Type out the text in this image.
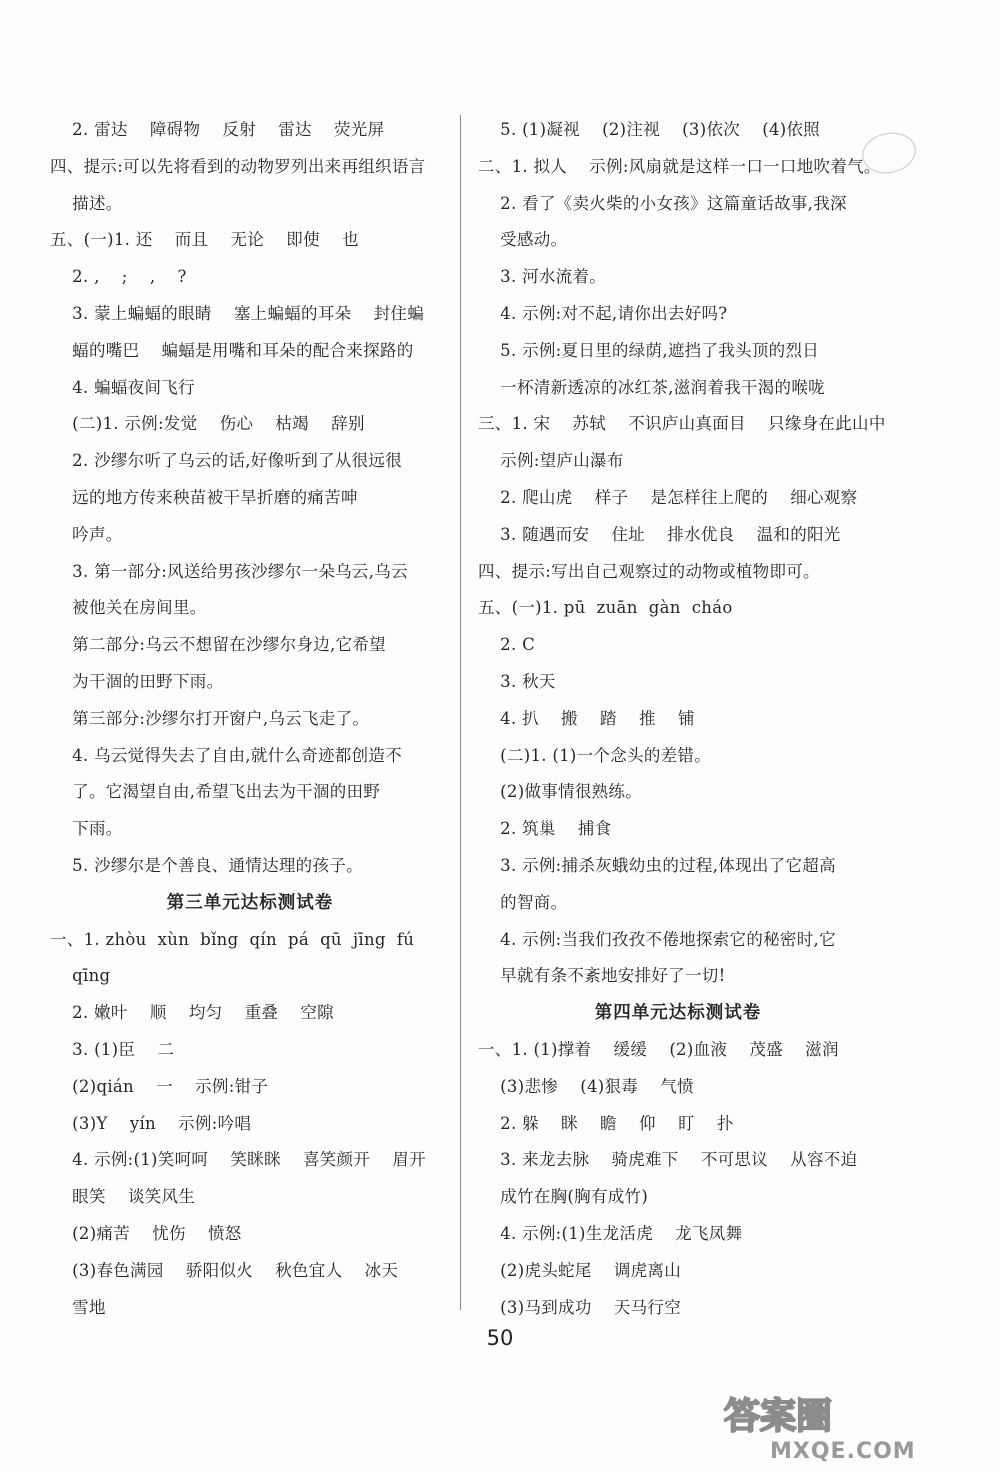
2. 雷达    障碍物    反射    雷达    荧光屏
四、提示:可以先将看到的动物罗列出来再组织语言
描述。
五、(一)1. 还    而且    无论    即使    也
2. ,    ;    ,    ?
3. 蒙上蝙蝠的眼睛    塞上蝙蝠的耳朵    封住蝙
蝠的嘴巴    蝙蝠是用嘴和耳朵的配合来探路的
4. 蝙蝠夜间飞行
(二)1. 示例:发觉    伤心    枯竭    辞别
2. 沙缪尔听了乌云的话,好像听到了从很远很
远的地方传来秧苗被干旱折磨的痛苦呻
吟声。
3. 第一部分:风送给男孩沙缪尔一朵乌云,乌云
被他关在房间里。
第二部分:乌云不想留在沙缪尔身边,它希望
为干涸的田野下雨。
第三部分:沙缪尔打开窗户,乌云飞走了。
4. 乌云觉得失去了自由,就什么奇迹都创造不
了。它渴望自由,希望飞出去为干涸的田野
下雨。
5. 沙缪尔是个善良、通情达理的孩子。
第三单元达标测试卷
一、1. zhòu  xùn  bǐng  qín  pá  qū  jīng  fú
qīng
2. 嫩叶    顺    均匀    重叠    空隙
3. (1)臣    二
(2)qián    一    示例:钳子
(3)Y    yín    示例:吟唱
4. 示例:(1)笑呵呵    笑眯眯    喜笑颜开    眉开
眼笑    谈笑风生
(2)痛苦    忧伤    愤怒
(3)春色满园    骄阳似火    秋色宜人    冰天
雪地
5. (1)凝视    (2)注视    (3)依次    (4)依照
二、1. 拟人    示例:风扇就是这样一口一口地吹着气。
2. 看了《卖火柴的小女孩》这篇童话故事,我深
受感动。
3. 河水流着。
4. 示例:对不起,请你出去好吗?
5. 示例:夏日里的绿荫,遮挡了我头顶的烈日
一杯清新透凉的冰红茶,滋润着我干渴的喉咙
三、1. 宋    苏轼    不识庐山真面目    只缘身在此山中
示例:望庐山瀑布
2. 爬山虎    样子    是怎样往上爬的    细心观察
3. 随遇而安    住址    排水优良    温和的阳光
四、提示:写出自己观察过的动物或植物即可。
五、(一)1. pū  zuān  gàn  cháo
2. C
3. 秋天
4. 扒    搬    踏    推    铺
(二)1. (1)一个念头的差错。
(2)做事情很熟练。
2. 筑巢    捕食
3. 示例:捕杀灰蛾幼虫的过程,体现出了它超高
的智商。
4. 示例:当我们孜孜不倦地探索它的秘密时,它
早就有条不紊地安排好了一切!
第四单元达标测试卷
一、1. (1)撑着    缓缓    (2)血液    茂盛    滋润
(3)悲惨    (4)狠毒    气愤
2. 躲    眯    瞻    仰    盯    扑
3. 来龙去脉    骑虎难下    不可思议    从容不迫
成竹在胸(胸有成竹)
4. 示例:(1)生龙活虎    龙飞凤舞
(2)虎头蛇尾    调虎离山
(3)马到成功    天马行空
50
答案圈
MXQE.COM
